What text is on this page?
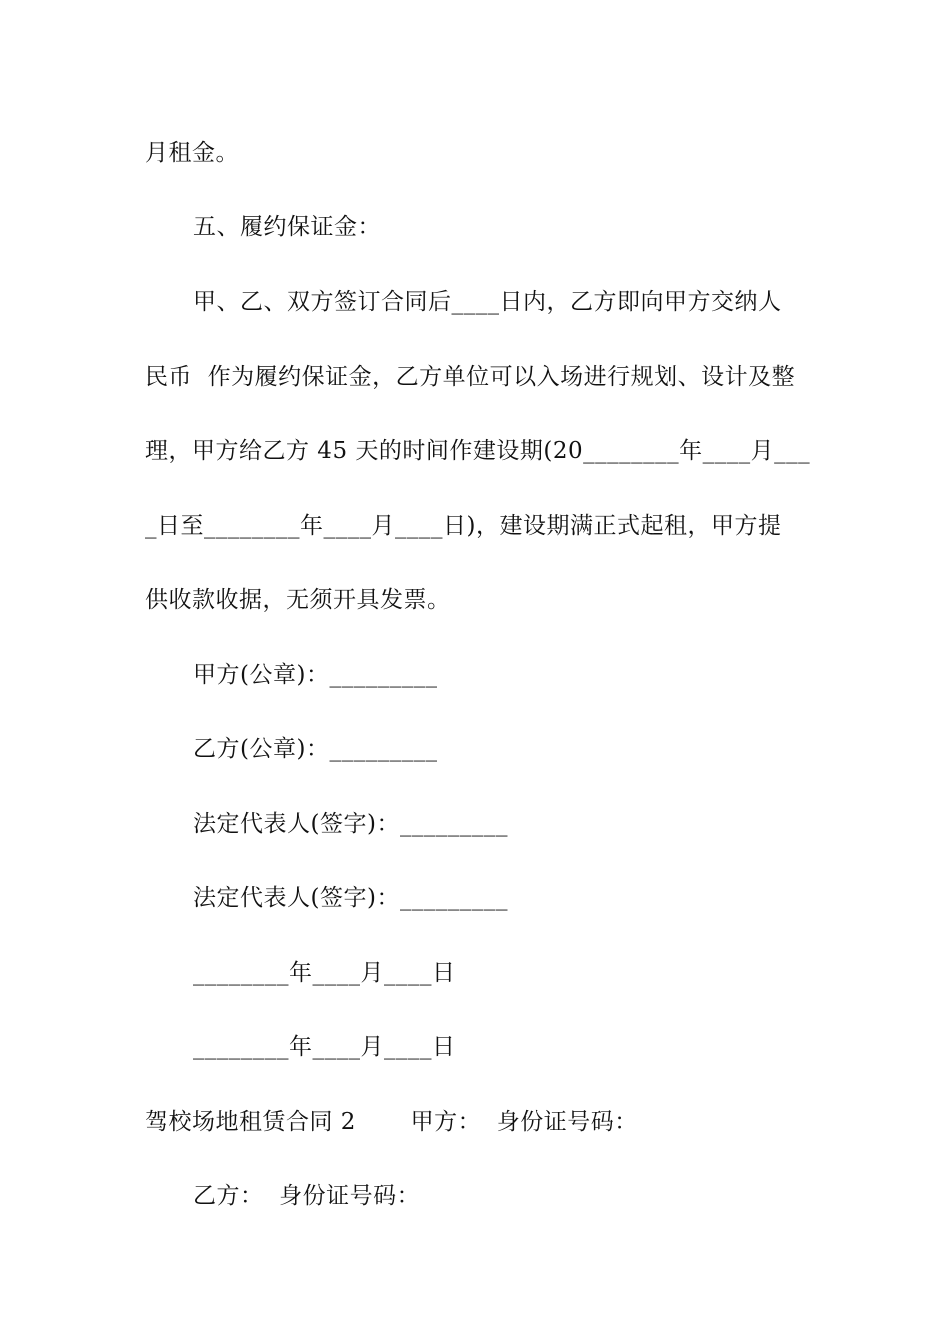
月租金。
五、履约保证金：
甲、乙、双方签订合同后____日内，乙方即向甲方交纳人
民币  作为履约保证金，乙方单位可以入场进行规划、设计及整
理，甲方给乙方 45 天的时间作建设期(20________年____月___
_日至________年____月____日)，建设期满正式起租，甲方提
供收款收据，无须开具发票。
甲方(公章)：_________
乙方(公章)：_________
法定代表人(签字)：_________
法定代表人(签字)：_________
________年____月____日
________年____月____日
驾校场地租赁合同 2       甲方：  身份证号码：
乙方：  身份证号码：
